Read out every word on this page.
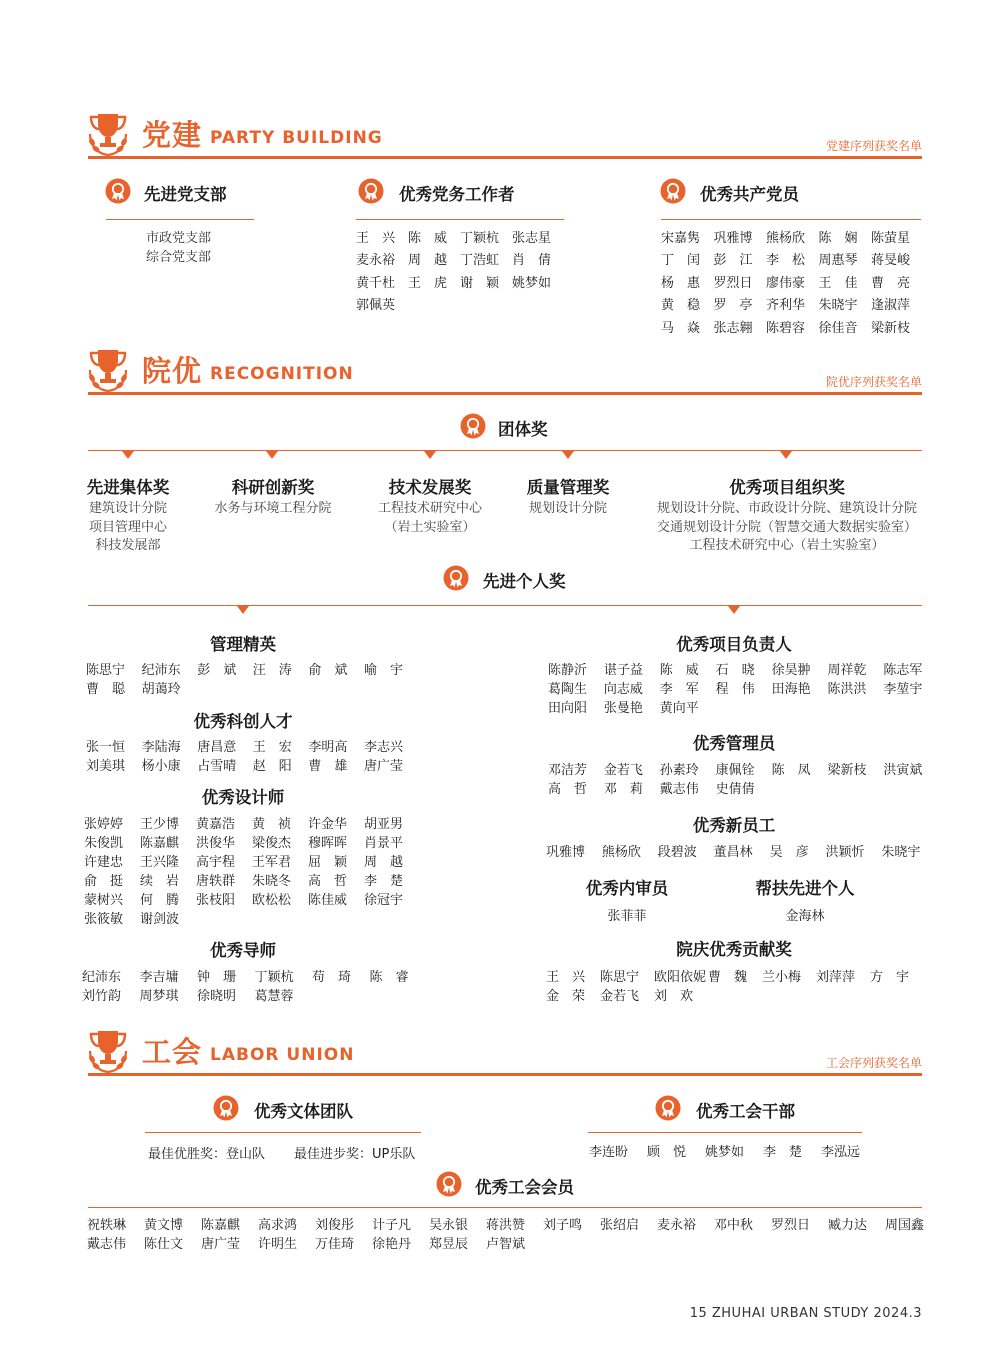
党建 PARTY BUILDING	党建序列获奖名单
先进党支部
市政党支部
综合党支部
优秀党务工作者
王　兴 陈　威 丁颖杭 张志星
麦永裕 周　越 丁浩虹 肖　倩
黄千杜 王　虎 谢　颖 姚梦如
郭佩英
优秀共产党员
宋嘉隽 巩雅博 熊杨欣 陈　娴 陈萤星
丁　闰 彭　江 李　松 周惠琴 蒋旻峻
杨　惠 罗烈日 廖伟豪 王　佳 曹　亮
黄　稳 罗　亭 齐利华 朱晓宇 逢淑萍
马　焱 张志翱 陈碧容 徐佳音 梁新枝
院优 RECOGNITION	院优序列获奖名单
团体奖
先进集体奖
建筑设计分院
项目管理中心
科技发展部
科研创新奖
水务与环境工程分院
技术发展奖
工程技术研究中心
（岩土实验室）
质量管理奖
规划设计分院
优秀项目组织奖
规划设计分院、市政设计分院、建筑设计分院
交通规划设计分院（智慧交通大数据实验室）
工程技术研究中心（岩土实验室）
先进个人奖
管理精英
陈思宁 纪沛东 彭　斌 汪　涛 俞　斌 喻　宇
曹　聪 胡蔼玲
优秀科创人才
张一恒 李陆海 唐昌意 王　宏 李明高 李志兴
刘美琪 杨小康 占雪晴 赵　阳 曹　雄 唐广莹
优秀设计师
张婷婷 王少博 黄嘉浩 黄　祯 许金华 胡亚男
朱俊凯 陈嘉麒 洪俊华 梁俊杰 穆晖晖 肖景平
许建忠 王兴隆 高宇程 王军君 屈　颖 周　越
俞　挺 续　岩 唐轶群 朱晓冬 高　哲 李　楚
蒙树兴 何　腾 张枝阳 欧松松 陈佳威 徐冠宇
张筱敏 谢剑波
优秀导师
纪沛东 李吉墉 钟　珊 丁颖杭 苟　琦 陈　睿
刘竹韵 周梦琪 徐晓明 葛慧蓉
优秀项目负责人
陈静沂 谌子益 陈　威 石　晓 徐昊翀 周祥乾 陈志军
葛陶生 向志威 李　军 程　伟 田海艳 陈洪洪 李堃宇
田向阳 张曼艳 黄向平
优秀管理员
邓洁芳 金若飞 孙素玲 康佩铨 陈　凤 梁新枝 洪寅斌
高　哲 邓　莉 戴志伟 史倩倩
优秀新员工
巩雅博 熊杨欣 段碧波 董昌林 吴　彦 洪颖忻 朱晓宇
优秀内审员
张菲菲
帮扶先进个人
金海林
院庆优秀贡献奖
王　兴 陈思宁 欧阳依妮 曹　魏 兰小梅 刘萍萍 方　宇
金　荣 金若飞 刘　欢
工会 LABOR UNION	工会序列获奖名单
优秀文体团队
最佳优胜奖：登山队 最佳进步奖：UP乐队
优秀工会干部
李连盼 顾　悦 姚梦如 李　楚 李泓远
优秀工会会员
祝轶琳 黄文博 陈嘉麒 高求鸿 刘俊彤 计子凡 吴永银 蒋洪赞 刘子鸣 张绍启 麦永裕 邓中秋 罗烈日 臧力达 周国鑫
戴志伟 陈仕文 唐广莹 许明生 万佳琦 徐艳丹 郑昱辰 卢智斌
15 ZHUHAI URBAN STUDY 2024.3
